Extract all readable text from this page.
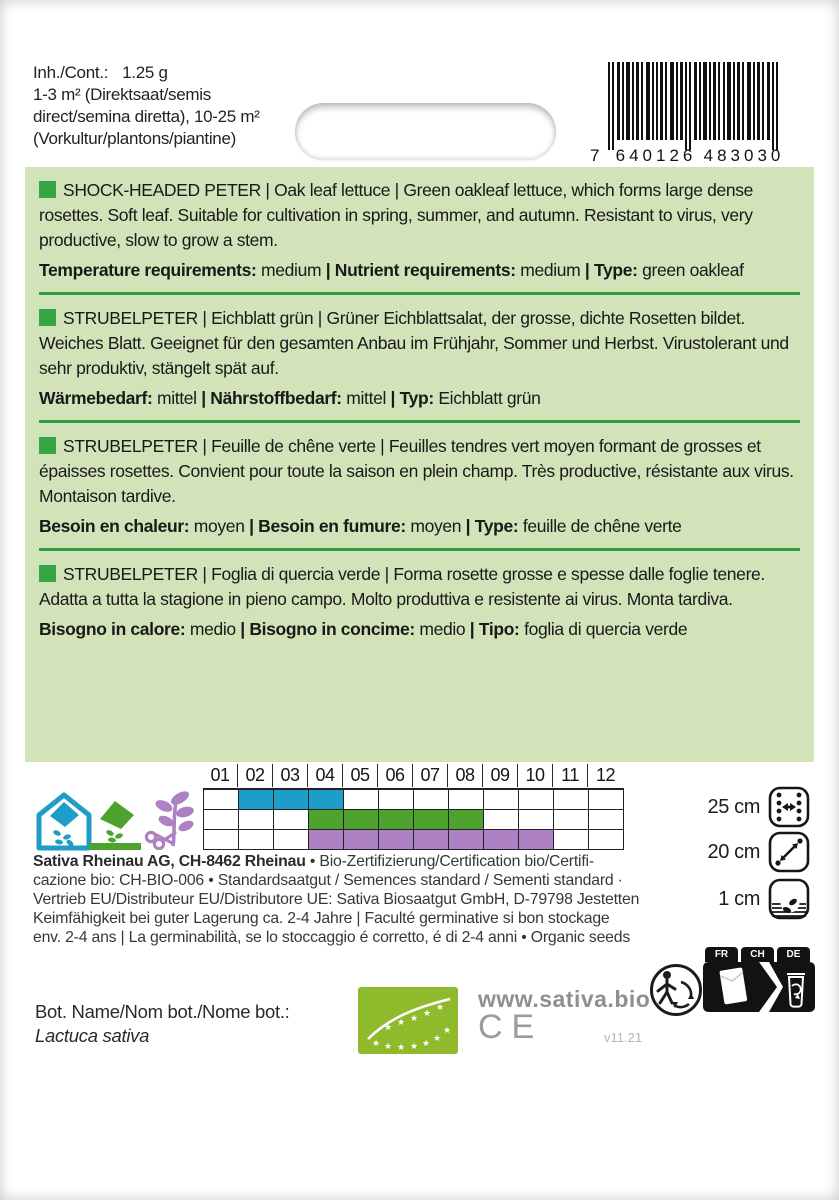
Inh./Cont.: 1.25 g
1-3 m² (Direktsaat/semis direct/semina diretta), 10-25 m² (Vorkultur/plantons/piantine)
7 640126 483030

SHOCK-HEADED PETER | Oak leaf lettuce | Green oakleaf lettuce, which forms large dense rosettes. Soft leaf. Suitable for cultivation in spring, summer, and autumn. Resistant to virus, very productive, slow to grow a stem.

Temperature requirements: medium | Nutrient requirements: medium | Type: green oakleaf

STRUBELPETER | Eichblatt grün | Grüner Eichblattsalat, der grosse, dichte Rosetten bildet. Weiches Blatt. Geeignet für den gesamten Anbau im Frühjahr, Sommer und Herbst. Virustolerant und sehr produktiv, stängelt spät auf.

Wärmebedarf: mittel | Nährstoffbedarf: mittel | Typ: Eichblatt grün

STRUBELPETER | Feuille de chêne verte | Feuilles tendres vert moyen formant de grosses et épaisses rosettes. Convient pour toute la saison en plein champ. Très productive, résistante aux virus. Montaison tardive.

Besoin en chaleur: moyen | Besoin en fumure: moyen | Type: feuille de chêne verte

STRUBELPETER | Foglia di quercia verde | Forma rosette grosse e spesse dalle foglie tenere. Adatta a tutta la stagione in pieno campo. Molto produttiva e resistente ai virus. Monta tardiva.

Bisogno in calore: medio | Bisogno in concime: medio | Tipo: foglia di quercia verde

01 02 03 04 05 06 07 08 09 10 11 12
25 cm
20 cm
1 cm
Sativa Rheinau AG, CH-8462 Rheinau • Bio-Zertifizierung/Certification bio/Certifi-
cazione bio: CH-BIO-006 • Standardsaatgut / Semences standard / Sementi standard ·
Vertrieb EU/Distributeur EU/Distributore UE: Sativa Biosaatgut GmbH, D-79798 Jestetten
Keimfähigkeit bei guter Lagerung ca. 2-4 Jahre | Faculté germinative si bon stockage
env. 2-4 ans | La germinabilità, se lo stoccaggio é corretto, é di 2-4 anni • Organic seeds
Bot. Name/Nom bot./Nome bot.:
Lactuca sativa	★ ★ ★ ★ ★ ★
★
★ ★ ★ ★
★ www.sativa.bio
CE	v11.21
FR	CH	DE
